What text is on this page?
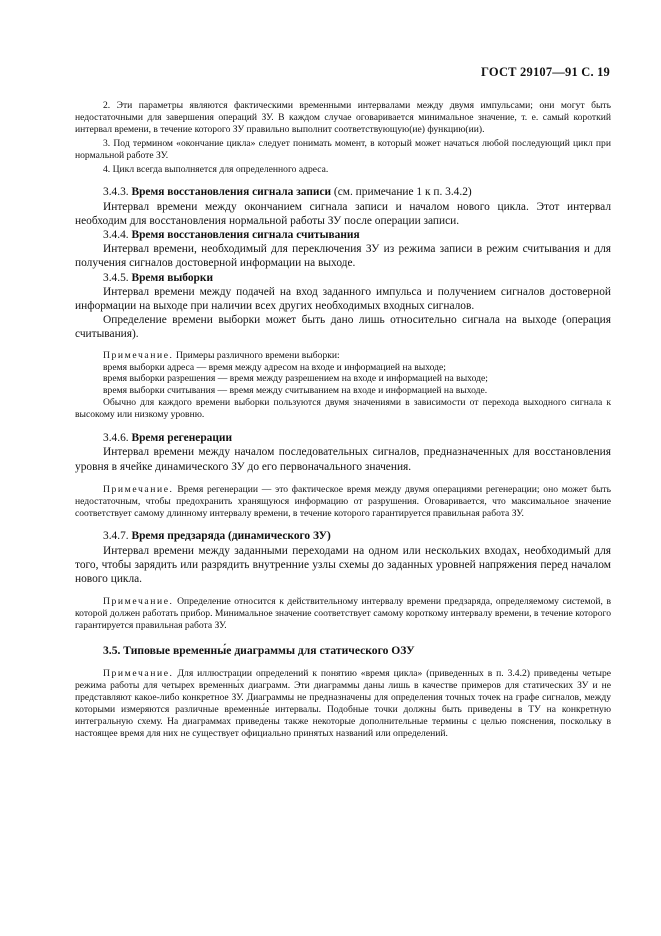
ГОСТ 29107—91 С. 19

2. Эти параметры являются фактическими временными интервалами между двумя импульсами; они могут быть недостаточными для завершения операций ЗУ. В каждом случае оговаривается минимальное значение, т. е. самый короткий интервал времени, в течение которого ЗУ правильно выполнит соответствующую(ие) функцию(ии).

3. Под термином «окончание цикла» следует понимать момент, в который может начаться любой последующий цикл при нормальной работе ЗУ.

4. Цикл всегда выполняется для определенного адреса.

3.4.3. Время восстановления сигнала записи (см. примечание 1 к п. 3.4.2)

Интервал времени между окончанием сигнала записи и началом нового цикла. Этот интервал необходим для восстановления нормальной работы ЗУ после операции записи.

3.4.4. Время восстановления сигнала считывания

Интервал времени, необходимый для переключения ЗУ из режима записи в режим считывания и для получения сигналов достоверной информации на выходе.

3.4.5. Время выборки

Интервал времени между подачей на вход заданного импульса и получением сигналов достоверной информации на выходе при наличии всех других необходимых входных сигналов.

Определение времени выборки может быть дано лишь относительно сигнала на выходе (операция считывания).

Примечание. Примеры различного времени выборки:

время выборки адреса — время между адресом на входе и информацией на выходе;

время выборки разрешения — время между разрешением на входе и информацией на выходе;

время выборки считывания — время между считыванием на входе и информацией на выходе.

Обычно для каждого времени выборки пользуются двумя значениями в зависимости от перехода выходного сигнала к высокому или низкому уровню.

3.4.6. Время регенерации

Интервал времени между началом последовательных сигналов, предназначенных для восстановления уровня в ячейке динамического ЗУ до его первоначального значения.

Примечание. Время регенерации — это фактическое время между двумя операциями регенерации; оно может быть недостаточным, чтобы предохранить хранящуюся информацию от разрушения. Оговаривается, что максимальное значение соответствует самому длинному интервалу времени, в течение которого гарантируется правильная работа ЗУ.

3.4.7. Время предзаряда (динамического ЗУ)

Интервал времени между заданными переходами на одном или нескольких входах, необходимый для того, чтобы зарядить или разрядить внутренние узлы схемы до заданных уровней напряжения перед началом нового цикла.

Примечание. Определение относится к действительному интервалу времени предзаряда, определяемому системой, в которой должен работать прибор. Минимальное значение соответствует самому короткому интервалу времени, в течение которого гарантируется правильная работа ЗУ.

3.5. Типовые временны́е диаграммы для статического ОЗУ

Примечание. Для иллюстрации определений к понятию «время цикла» (приведенных в п. 3.4.2) приведены четыре режима работы для четырех временны́х диаграмм. Эти диаграммы даны лишь в качестве примеров для статических ЗУ и не представляют какое-либо конкретное ЗУ. Диаграммы не предназначены для определения точных точек на графе сигналов, между которыми измеряются различные временны́е интервалы. Подобные точки должны быть приведены в ТУ на конкретную интегральную схему. На диаграммах приведены также некоторые дополнительные термины с целью пояснения, поскольку в настоящее время для них не существует официально принятых названий или определений.
